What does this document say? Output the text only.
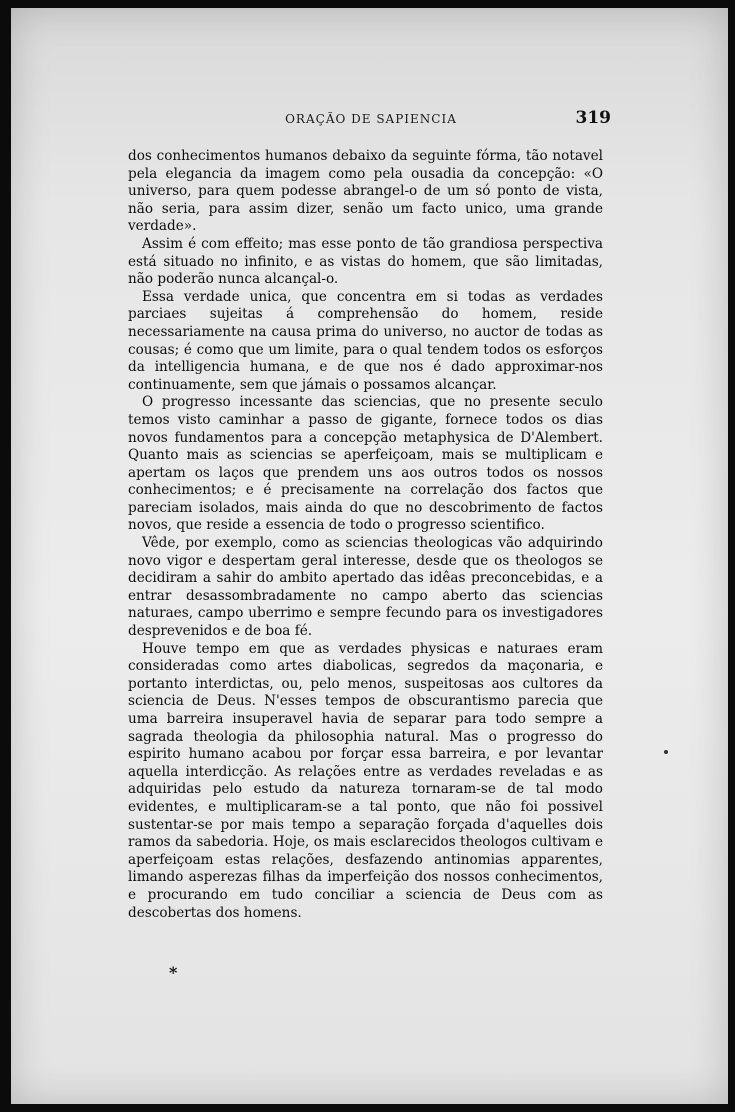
ORAÇÃO DE SAPIENCIA	319

dos conhecimentos humanos debaixo da seguinte fórma, tão notavel pela elegancia da imagem como pela ousadia da concepção: «O universo, para quem podesse abrangel-o de um só ponto de vista, não seria, para assim dizer, senão um facto unico, uma grande verdade».

Assim é com effeito; mas esse ponto de tão grandiosa perspectiva está situado no infinito, e as vistas do homem, que são limitadas, não poderão nunca alcançal-o.

Essa verdade unica, que concentra em si todas as verdades parciaes sujeitas á comprehensão do homem, reside necessariamente na causa prima do universo, no auctor de todas as cousas; é como que um limite, para o qual tendem todos os esforços da intelligencia humana, e de que nos é dado approximar-nos continuamente, sem que jámais o possamos alcançar.

O progresso incessante das sciencias, que no presente seculo temos visto caminhar a passo de gigante, fornece todos os dias novos fundamentos para a concepção metaphysica de D'Alembert. Quanto mais as sciencias se aperfeiçoam, mais se multiplicam e apertam os laços que prendem uns aos outros todos os nossos conhecimentos; e é precisamente na correlação dos factos que pareciam isolados, mais ainda do que no descobrimento de factos novos, que reside a essencia de todo o progresso scientifico.

Vêde, por exemplo, como as sciencias theologicas vão adquirindo novo vigor e despertam geral interesse, desde que os theologos se decidiram a sahir do ambito apertado das idêas preconcebidas, e a entrar desassombradamente no campo aberto das sciencias naturaes, campo uberrimo e sempre fecundo para os investigadores desprevenidos e de boa fé.

Houve tempo em que as verdades physicas e naturaes eram consideradas como artes diabolicas, segredos da maçonaria, e portanto interdictas, ou, pelo menos, suspeitosas aos cultores da sciencia de Deus. N'esses tempos de obscurantismo parecia que uma barreira insuperavel havia de separar para todo sempre a sagrada theologia da philosophia natural. Mas o progresso do espirito humano acabou por forçar essa barreira, e por levantar aquella interdicção. As relações entre as verdades reveladas e as adquiridas pelo estudo da natureza tornaram-se de tal modo evidentes, e multiplicaram-se a tal ponto, que não foi possivel sustentar-se por mais tempo a separação forçada d'aquelles dois ramos da sabedoria. Hoje, os mais esclarecidos theologos cultivam e aperfeiçoam estas relações, desfazendo antinomias apparentes, limando asperezas filhas da imperfeição dos nossos conhecimentos, e procurando em tudo conciliar a sciencia de Deus com as descobertas dos homens.

*
